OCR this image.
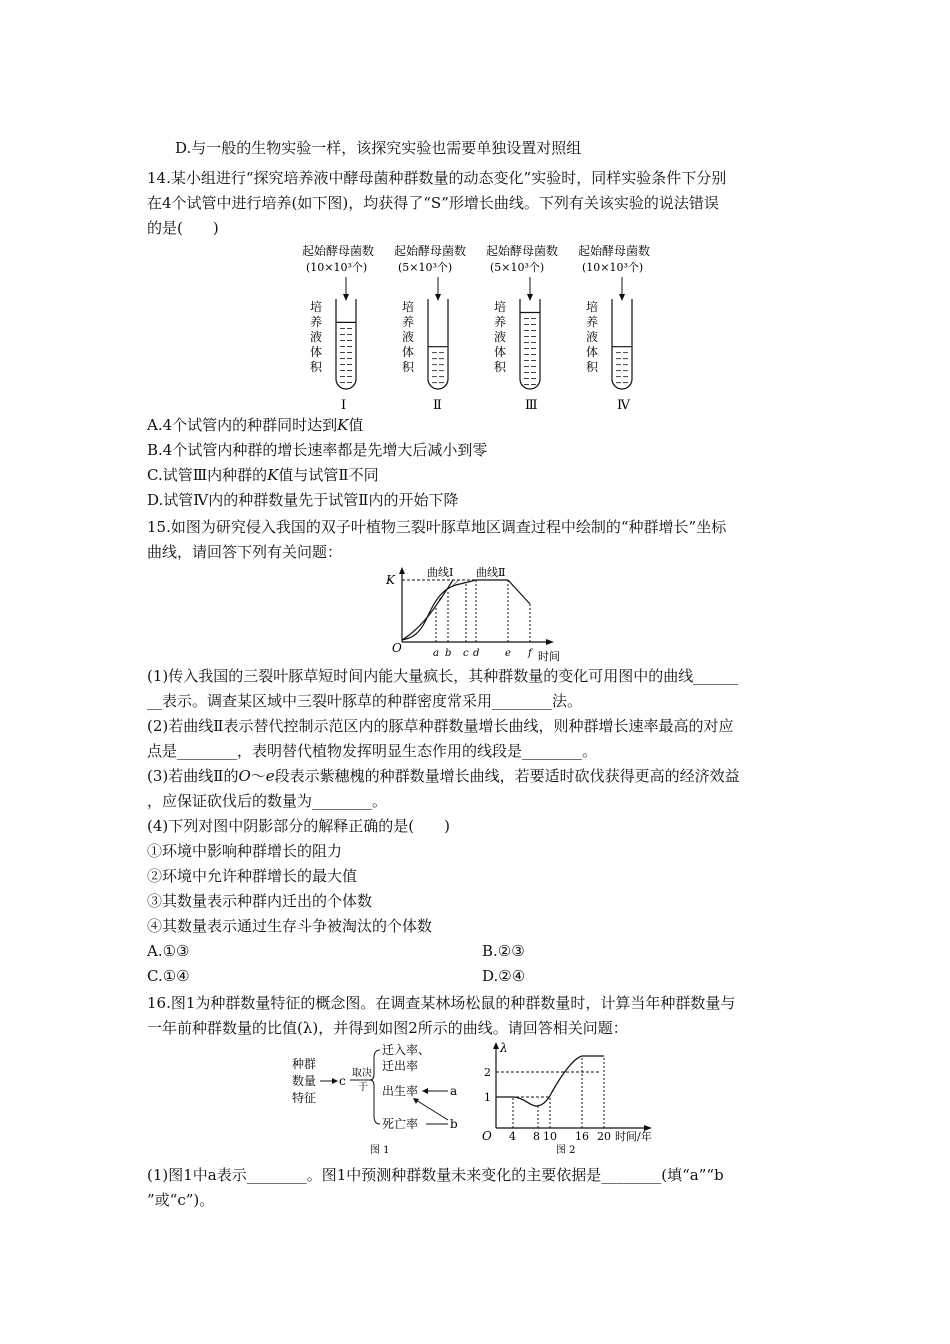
D.与一般的生物实验一样，该探究实验也需要单独设置对照组
14.某小组进行“探究培养液中酵母菌种群数量的动态变化”实验时，同样实验条件下分别
在4个试管中进行培养(如下图)，均获得了“S”形增长曲线。下列有关该实验的说法错误
的是(　　)
起始酵母菌数
(10×10³个)
培
养
液
体
积
Ⅰ
起始酵母菌数
(5×10³个)
培
养
液
体
积
Ⅱ
起始酵母菌数
(5×10³个)
培
养
液
体
积
Ⅲ
起始酵母菌数
(10×10³个)
培
养
液
体
积
Ⅳ
A.4个试管内的种群同时达到K值
B.4个试管内种群的增长速率都是先增大后减小到零
C.试管Ⅲ内种群的K值与试管Ⅱ不同
D.试管Ⅳ内的种群数量先于试管Ⅱ内的开始下降
15.如图为研究侵入我国的双子叶植物三裂叶豚草地区调查过程中绘制的“种群增长”坐标
曲线，请回答下列有关问题：
K
曲线Ⅰ 曲线Ⅱ
O	a b c d	e f 时间
(1)传入我国的三裂叶豚草短时间内能大量疯长，其种群数量的变化可用图中的曲线______
__表示。调查某区域中三裂叶豚草的种群密度常采用________法。
(2)若曲线Ⅱ表示替代控制示范区内的豚草种群数量增长曲线，则种群增长速率最高的对应
点是________，表明替代植物发挥明显生态作用的线段是________。
(3)若曲线Ⅱ的O～e段表示紫穗槐的种群数量增长曲线，若要适时砍伐获得更高的经济效益
，应保证砍伐后的数量为________。
(4)下列对图中阴影部分的解释正确的是(　　)
①环境中影响种群增长的阻力
②环境中允许种群增长的最大值
③其数量表示种群内迁出的个体数
④其数量表示通过生存斗争被淘汰的个体数
A.①③	B.②③
C.①④	D.②④
16.图1为种群数量特征的概念图。在调查某林场松鼠的种群数量时，计算当年种群数量与
一年前种群数量的比值(λ)，并得到如图2所示的曲线。请回答相关问题：
种群
数量
特征
c
取决
于
迁入率、
迁出率
出生率
死亡率
a
b
图 1
λ
2
1
O 4 8 10 16 20 时间/年
图 2
(1)图1中a表示________。图1中预测种群数量未来变化的主要依据是________(填“a”“b
”或“c”)。
